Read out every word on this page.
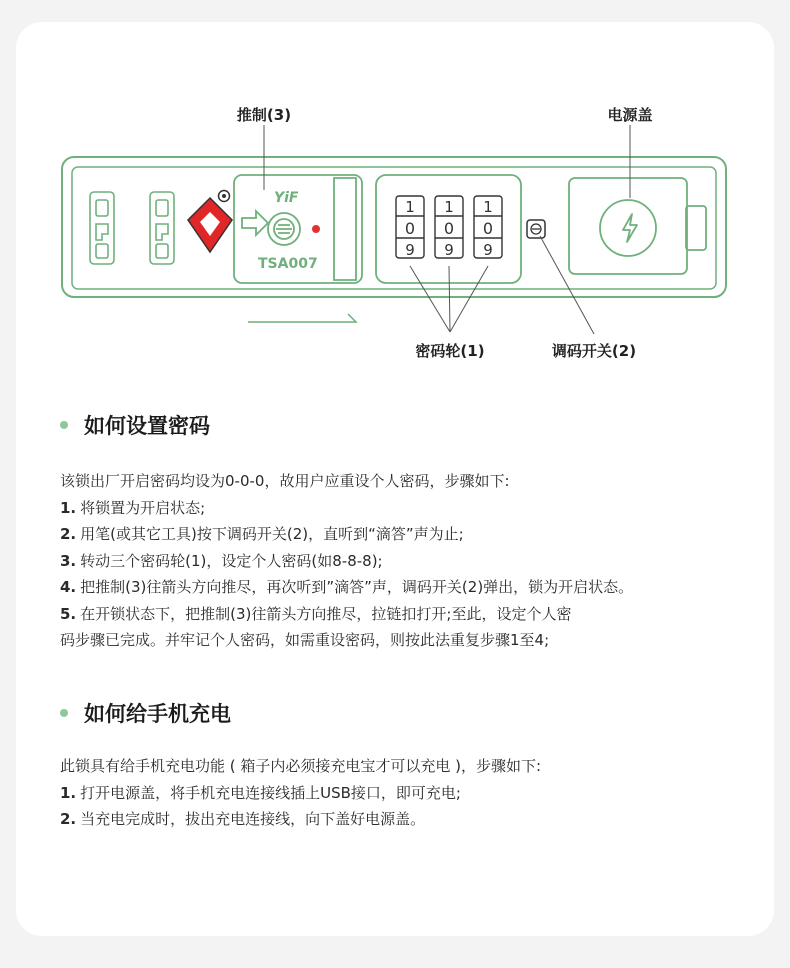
YiF
TSA007
1
0
9
1
0
9
1
0
9
推制(3)	电源盖
密码轮(1)	调码开关(2)
如何设置密码
该锁出厂开启密码均设为0-0-0，故用户应重设个人密码，步骤如下:
1. 将锁置为开启状态;
2. 用笔(或其它工具)按下调码开关(2)，直听到“滴答”声为止;
3. 转动三个密码轮(1)，设定个人密码(如8-8-8);
4. 把推制(3)往箭头方向推尽，再次听到”滴答”声，调码开关(2)弹出，锁为开启状态。
5. 在开锁状态下，把推制(3)往箭头方向推尽，拉链扣打开;至此，设定个人密
码步骤已完成。并牢记个人密码，如需重设密码，则按此法重复步骤1至4;
如何给手机充电
此锁具有给手机充电功能 ( 箱子内必须接充电宝才可以充电 )，步骤如下:
1. 打开电源盖，将手机充电连接线插上USB接口，即可充电;
2. 当充电完成时，拔出充电连接线，向下盖好电源盖。
